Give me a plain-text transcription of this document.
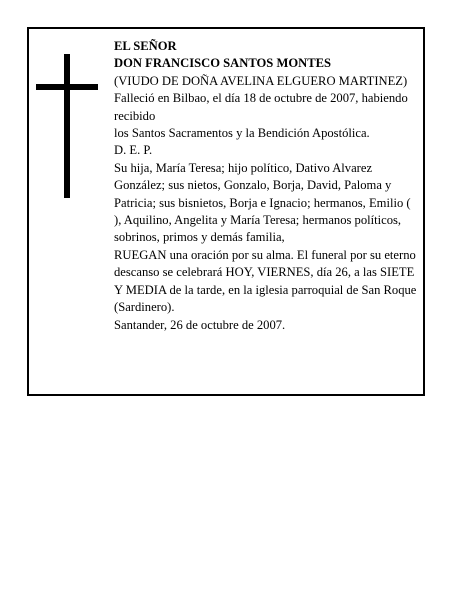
EL SEÑOR
DON FRANCISCO SANTOS MONTES
(VIUDO DE DOÑA AVELINA ELGUERO MARTINEZ)
Falleció en Bilbao, el día 18 de octubre de 2007, habiendo recibido
los Santos Sacramentos y la Bendición Apostólica.
D. E. P.
Su hija, María Teresa; hijo político, Dativo Alvarez González; sus nietos, Gonzalo, Borja, David, Paloma y Patricia; sus bisnietos, Borja e Ignacio; hermanos, Emilio ( ), Aquilino, Angelita y María Teresa; hermanos políticos, sobrinos, primos y demás familia,
RUEGAN una oración por su alma. El funeral por su eterno descanso se celebrará HOY, VIERNES, día 26, a las SIETE Y MEDIA de la tarde, en la iglesia parroquial de San Roque (Sardinero).
Santander, 26 de octubre de 2007.
